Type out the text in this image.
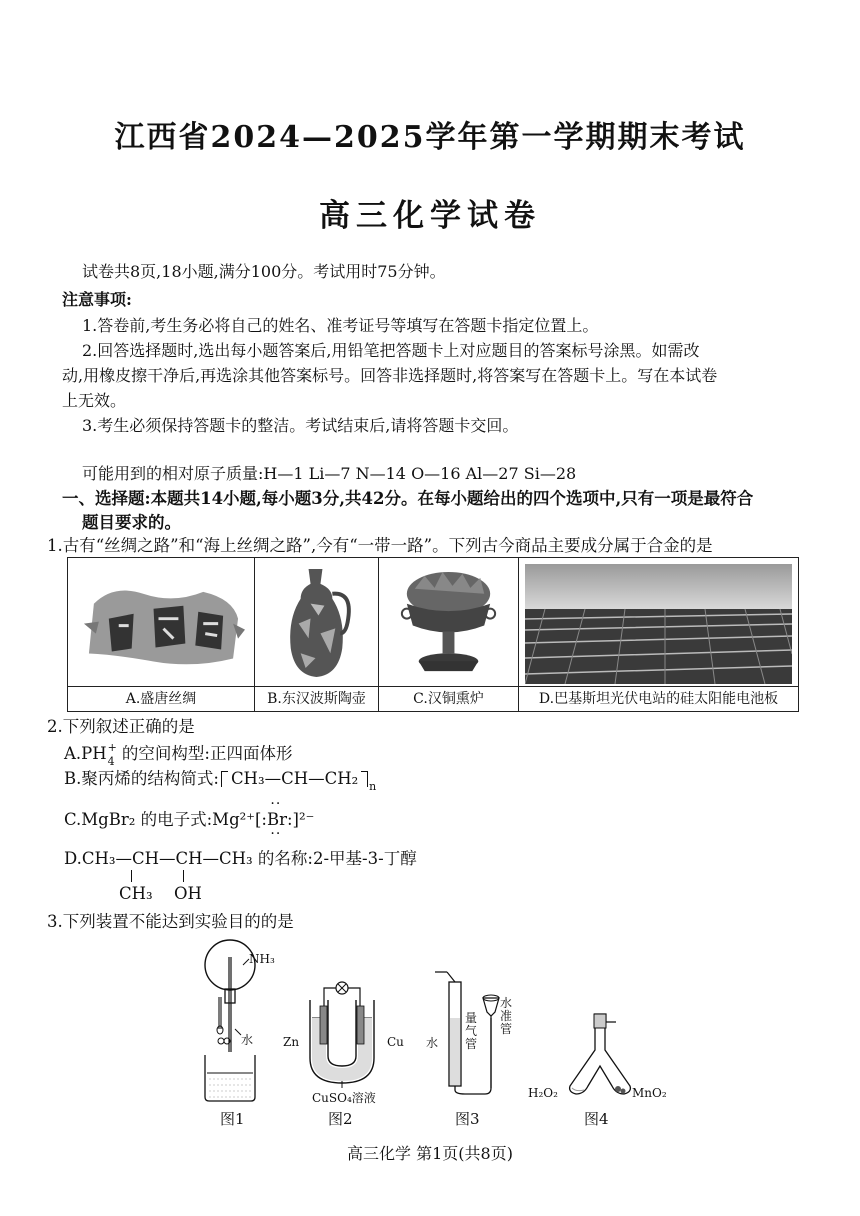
江西省2024—2025学年第一学期期末考试
高三化学试卷
试卷共8页,18小题,满分100分。考试用时75分钟。
注意事项:
1.答卷前,考生务必将自己的姓名、准考证号等填写在答题卡指定位置上。
2.回答选择题时,选出每小题答案后,用铅笔把答题卡上对应题目的答案标号涂黑。如需改
动,用橡皮擦干净后,再选涂其他答案标号。回答非选择题时,将答案写在答题卡上。写在本试卷
上无效。
3.考生必须保持答题卡的整洁。考试结束后,请将答题卡交回。
可能用到的相对原子质量:H—1 Li—7 N—14 O—16 Al—27 Si—28
一、选择题:本题共14小题,每小题3分,共42分。在每小题给出的四个选项中,只有一项是最符合
题目要求的。
1.古有“丝绸之路”和“海上丝绸之路”,今有“一带一路”。下列古今商品主要成分属于合金的是
A.盛唐丝绸	B.东汉波斯陶壶	C.汉铜熏炉	D.巴基斯坦光伏电站的硅太阳能电池板
2.下列叙述正确的是
A.PH +
4 的空间构型:正四面体形
B.聚丙烯的结构简式: CH₃—CH—CH₂ n
C.MgBr₂ 的电子式:Mg²⁺[
··
:Br:
··
]²⁻
D.CH₃—CH—CH—CH₃ 的名称:2-甲基-3-丁醇
CH₃ OH
3.下列装置不能达到实验目的的是
NH₃
水
图1
Zn	Cu
CuSO₄溶液
图2
水
量气管
水准管
图3
H₂O₂	MnO₂
图4
高三化学 第1页(共8页)
